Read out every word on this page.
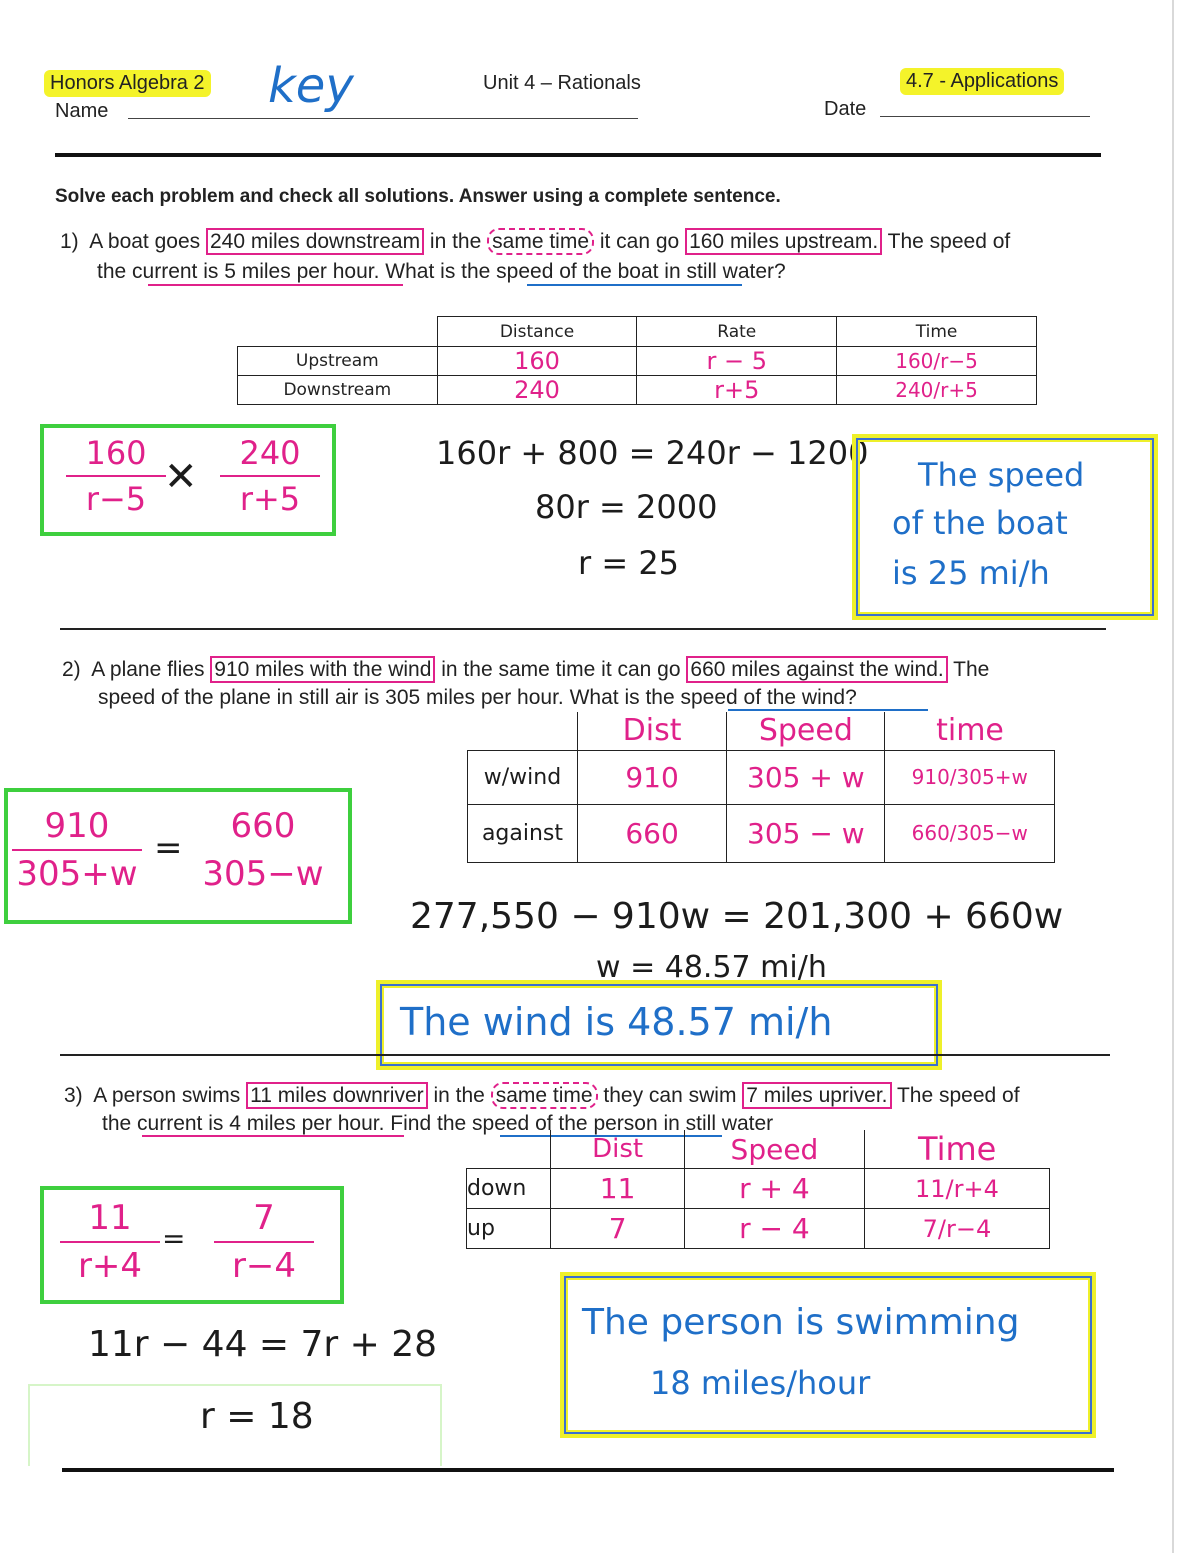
Honors Algebra 2
Name	key	Unit 4 – Rationals	4.7 - Applications
Date
Solve each problem and check all solutions. Answer using a complete sentence.
1) A boat goes 240 miles downstream in the same time it can go 160 miles upstream. The speed of
the current is 5 miles per hour. What is the speed of the boat in still water?
	Distance	Rate	Time
Upstream	160	r − 5	160/r−5
Downstream	240	r+5	240/r+5
160
r−5 ✕
240
r+5
160r + 800 = 240r − 1200
80r = 2000
r = 25
The speed
of the boat
is 25 mi/h
2) A plane flies 910 miles with the wind in the same time it can go 660 miles against the wind. The
speed of the plane in still air is 305 miles per hour. What is the speed of the wind?
	Dist	Speed	time
w/wind	910	305 + w	910/305+w
against	660	305 − w	660/305−w
910
305+w
=
660
305−w
277,550 − 910w = 201,300 + 660w
w = 48.57 mi/h
The wind is 48.57 mi/h
3) A person swims 11 miles downriver in the same time they can swim 7 miles upriver. The speed of
the current is 4 miles per hour. Find the speed of the person in still water
	Dist	Speed	Time
down	11	r + 4	11/r+4
up	7	r − 4	7/r−4
11
r+4
=
7
r−4
11r − 44 = 7r + 28
r = 18
The person is swimming
18 miles/hour
